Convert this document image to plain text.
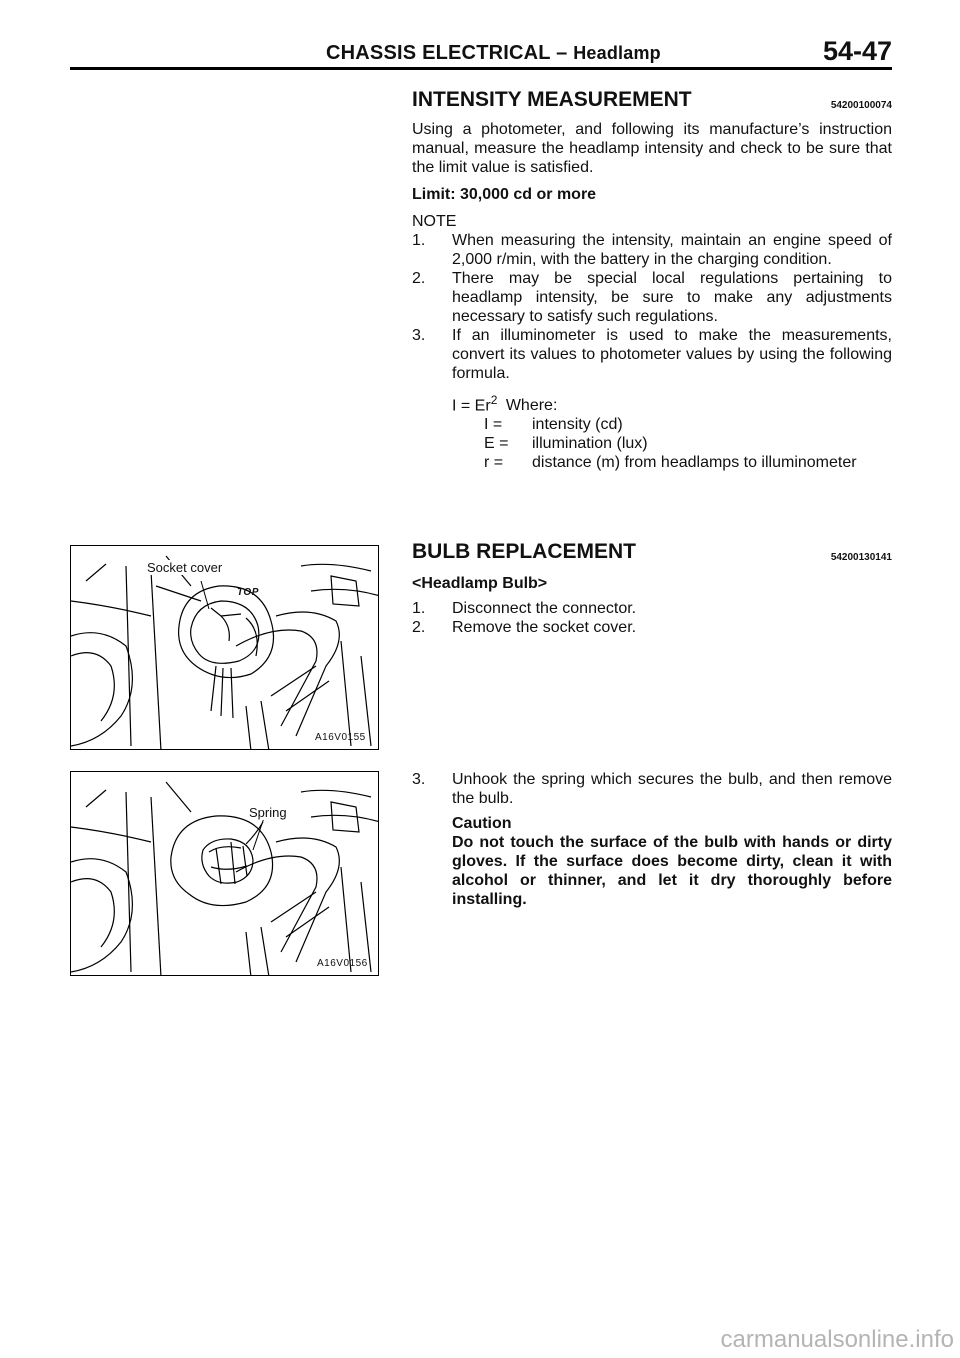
CHASSIS ELECTRICAL – Headlamp	54-47
INTENSITY MEASUREMENT	54200100074

Using a photometer, and following its manufacture’s instruction manual, measure the headlamp intensity and check to be sure that the limit value is satisfied.

Limit: 30,000 cd or more

NOTE

1. When measuring the intensity, maintain an engine speed of 2,000 r/min, with the battery in the charging condition.
2. There may be special local regulations pertaining to headlamp intensity, be sure to make any adjustments necessary to satisfy such regulations.
3. If an illuminometer is used to make the measurements, convert its values to photometer values by using the following formula.
$I = Er^2$ Where:
I =	intensity (cd)
E =	illumination (lux)
r =	distance (m) from headlamps to illuminometer
BULB REPLACEMENT	54200130141

<Headlamp Bulb>

1. Disconnect the connector.
2. Remove the socket cover.
3. Unhook the spring which secures the bulb, and then remove the bulb.

Caution

Do not touch the surface of the bulb with hands or dirty gloves. If the surface does become dirty, clean it with alcohol or thinner, and let it dry thoroughly before installing.

Socket cover
TOP
A16V0155
Spring
A16V0156
carmanualsonline.info
